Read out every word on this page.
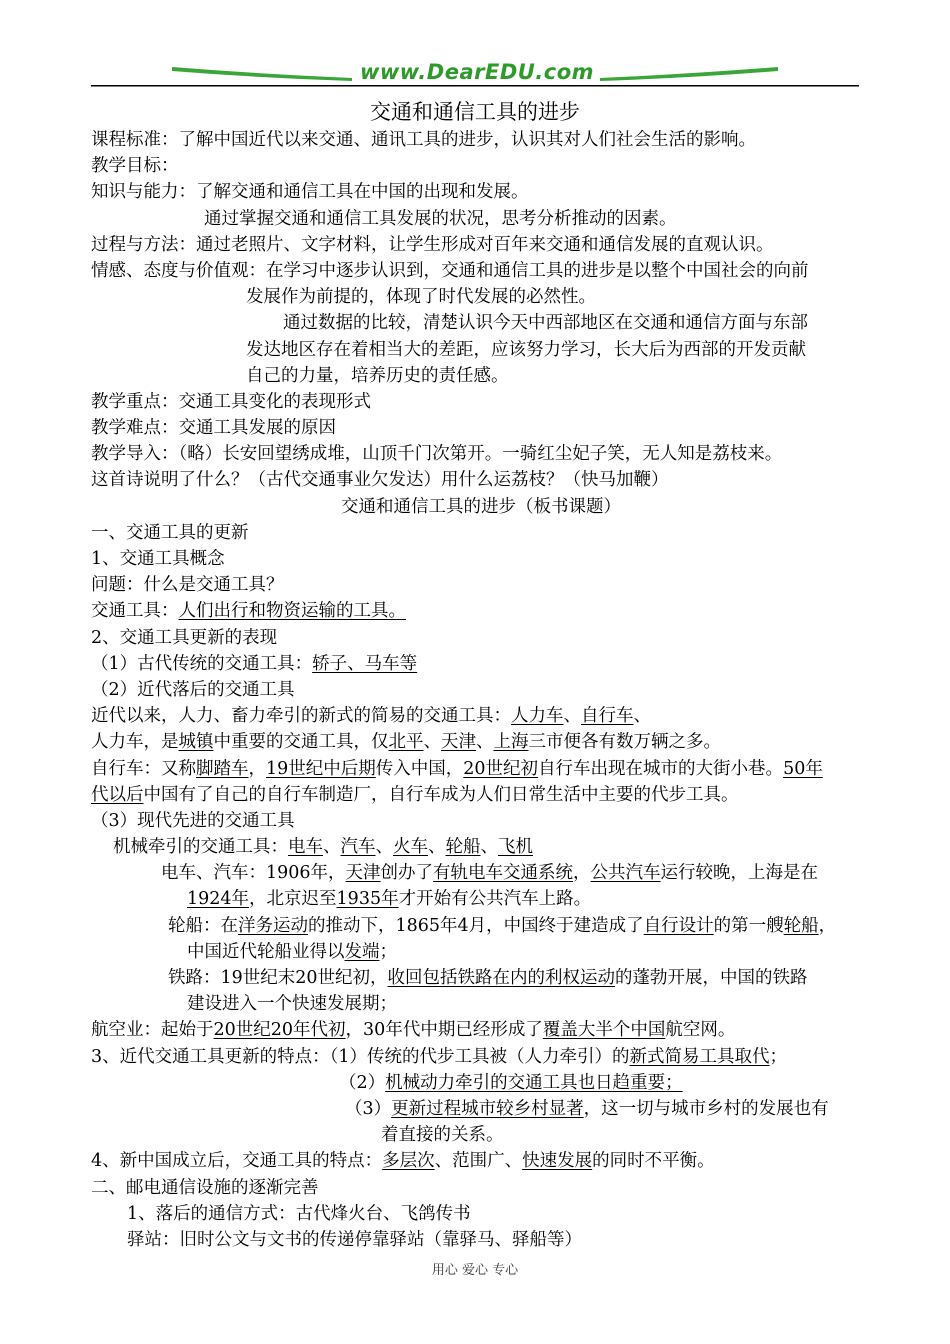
www.DearEDU.com
交通和通信工具的进步
课程标准：了解中国近代以来交通、通讯工具的进步，认识其对人们社会生活的影响。
教学目标：
知识与能力：了解交通和通信工具在中国的出现和发展。
通过掌握交通和通信工具发展的状况，思考分析推动的因素。
过程与方法：通过老照片、文字材料，让学生形成对百年来交通和通信发展的直观认识。
情感、态度与价值观：在学习中逐步认识到，交通和通信工具的进步是以整个中国社会的向前
发展作为前提的，体现了时代发展的必然性。
通过数据的比较，清楚认识今天中西部地区在交通和通信方面与东部
发达地区存在着相当大的差距，应该努力学习，长大后为西部的开发贡献
自己的力量，培养历史的责任感。
教学重点：交通工具变化的表现形式
教学难点：交通工具发展的原因
教学导入：（略）长安回望绣成堆，山顶千门次第开。一骑红尘妃子笑，无人知是荔枝来。
这首诗说明了什么？（古代交通事业欠发达）用什么运荔枝？（快马加鞭）
交通和通信工具的进步（板书课题）
一、交通工具的更新
1、交通工具概念
问题：什么是交通工具？
交通工具：人们出行和物资运输的工具。
2、交通工具更新的表现
（1）古代传统的交通工具：轿子、马车等
（2）近代落后的交通工具
近代以来，人力、畜力牵引的新式的简易的交通工具：人力车、自行车、
人力车，是城镇中重要的交通工具，仅北平、天津、上海三市便各有数万辆之多。
自行车：又称脚踏车，19世纪中后期传入中国，20世纪初自行车出现在城市的大街小巷。50年
代以后中国有了自己的自行车制造厂，自行车成为人们日常生活中主要的代步工具。
（3）现代先进的交通工具
机械牵引的交通工具：电车、汽车、火车、轮船、飞机
电车、汽车：1906年，天津创办了有轨电车交通系统，公共汽车运行较晚，上海是在
1924年，北京迟至1935年才开始有公共汽车上路。
轮船：在洋务运动的推动下，1865年4月，中国终于建造成了自行设计的第一艘轮船，
中国近代轮船业得以发端；
铁路：19世纪末20世纪初，收回包括铁路在内的利权运动的蓬勃开展，中国的铁路
建设进入一个快速发展期；
航空业：起始于20世纪20年代初，30年代中期已经形成了覆盖大半个中国航空网。
3、近代交通工具更新的特点：（1）传统的代步工具被（人力牵引）的新式简易工具取代；
（2）机械动力牵引的交通工具也日趋重要；
（3）更新过程城市较乡村显著，这一切与城市乡村的发展也有
着直接的关系。
4、新中国成立后，交通工具的特点：多层次、范围广、快速发展的同时不平衡。
二、邮电通信设施的逐渐完善
1、落后的通信方式：古代烽火台、飞鸽传书
驿站：旧时公文与文书的传递停靠驿站（靠驿马、驿船等）
用心 爱心 专心
